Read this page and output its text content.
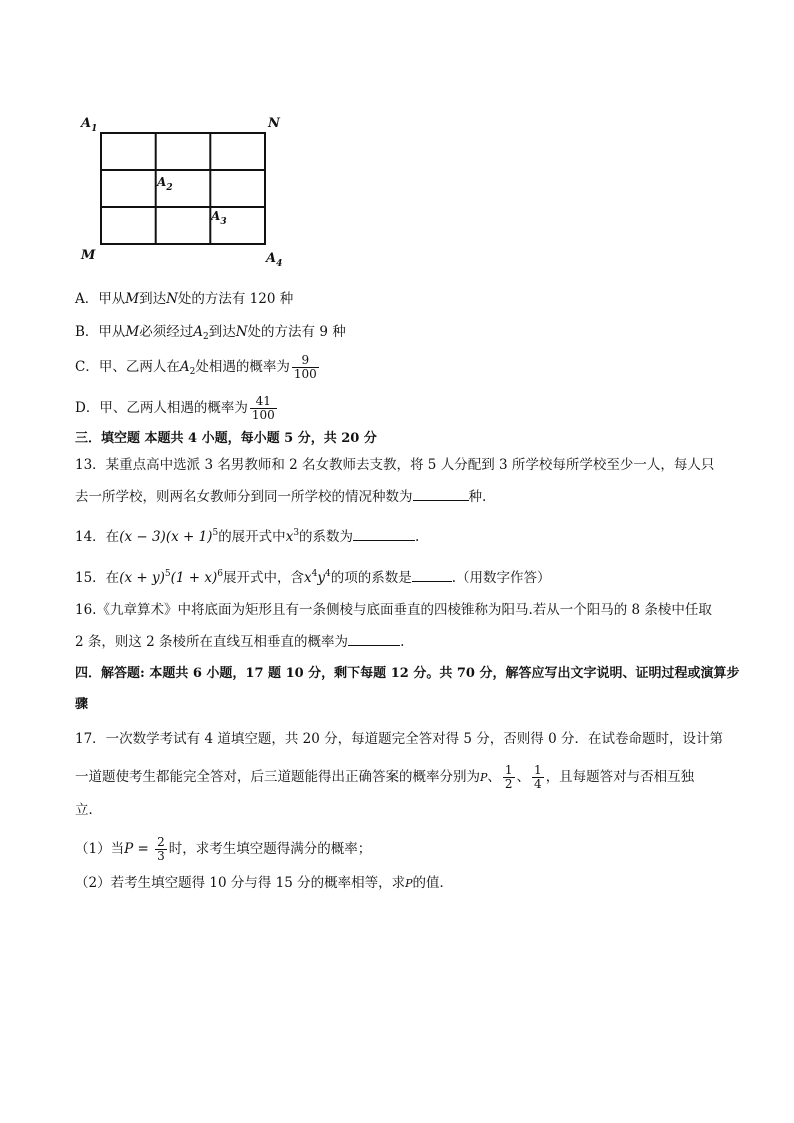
$A_1$	N
$A_2$
$A_3$
M	$A_4$
A．甲从M到达N处的方法有 120 种
B．甲从M必须经过$A_2$到达N处的方法有 9 种
C．甲、乙两人在$A_2$处相遇的概率为 $\frac{9}{100}$
D．甲、乙两人相遇的概率为 $\frac{41}{100}$
三．填空题 本题共 4 小题，每小题 5 分，共 20 分
13．某重点高中选派 3 名男教师和 2 名女教师去支教，将 5 人分配到 3 所学校每所学校至少一人，每人只
去一所学校，则两名女教师分到同一所学校的情况种数为	种.
14．在$(x - 3)(x + 1)^5$的展开式中$x^3$的系数为	.
15．在$(x + y)^5(1 + x)^6$展开式中，含$x^4y^4$的项的系数是	.（用数字作答）
16.《九章算术》中将底面为矩形且有一条侧棱与底面垂直的四棱锥称为阳马.若从一个阳马的 8 条棱中任取
2 条，则这 2 条棱所在直线互相垂直的概率为	.
四．解答题: 本题共 6 小题，17 题 10 分，剩下每题 12 分。共 70 分，解答应写出文字说明、证明过程或演算步
骤
17．一次数学考试有 4 道填空题，共 20 分，每道题完全答对得 5 分，否则得 0 分．在试卷命题时，设计第
一道题使考生都能完全答对，后三道题能得出正确答案的概率分别为P、 $\frac{1}{2}$ 、 $\frac{1}{4}$ ，且每题答对与否相互独
立．
（1）当$P = \frac{2}{3}$ 时，求考生填空题得满分的概率；
（2）若考生填空题得 10 分与得 15 分的概率相等，求P的值．
